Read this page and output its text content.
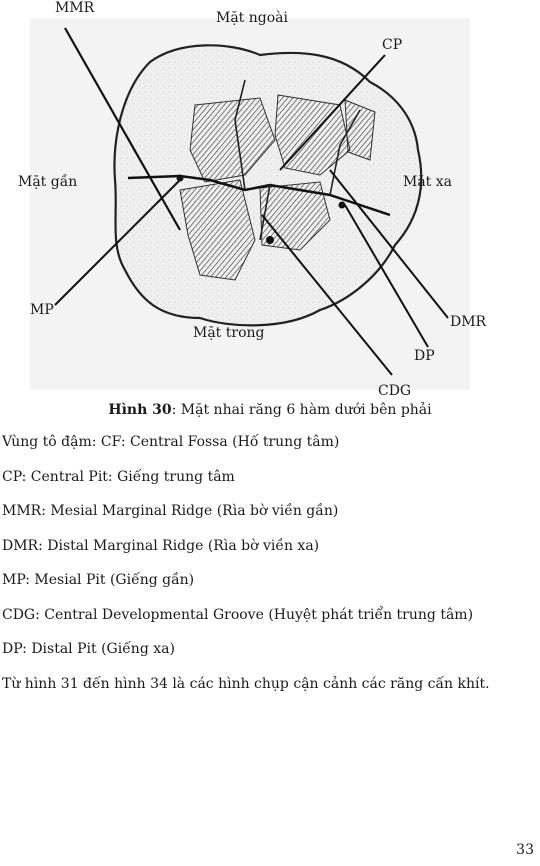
MMR
Mặt ngoài
CP
Mặt gần	Mặt xa
MP
DMR
Mặt trong
DP
CDG
Hình 30: Mặt nhai răng 6 hàm dưới bên phải
Vùng tô đậm: CF: Central Fossa (Hố trung tâm)
CP: Central Pit: Giếng trung tâm
MMR: Mesial Marginal Ridge (Rìa bờ viền gần)
DMR: Distal Marginal Ridge (Rìa bờ viền xa)
MP: Mesial Pit (Giếng gần)
CDG: Central Developmental Groove (Huyệt phát triển trung tâm)
DP: Distal Pit (Giếng xa)
Từ hình 31 đến hình 34 là các hình chụp cận cảnh các răng cấn khít.
33
